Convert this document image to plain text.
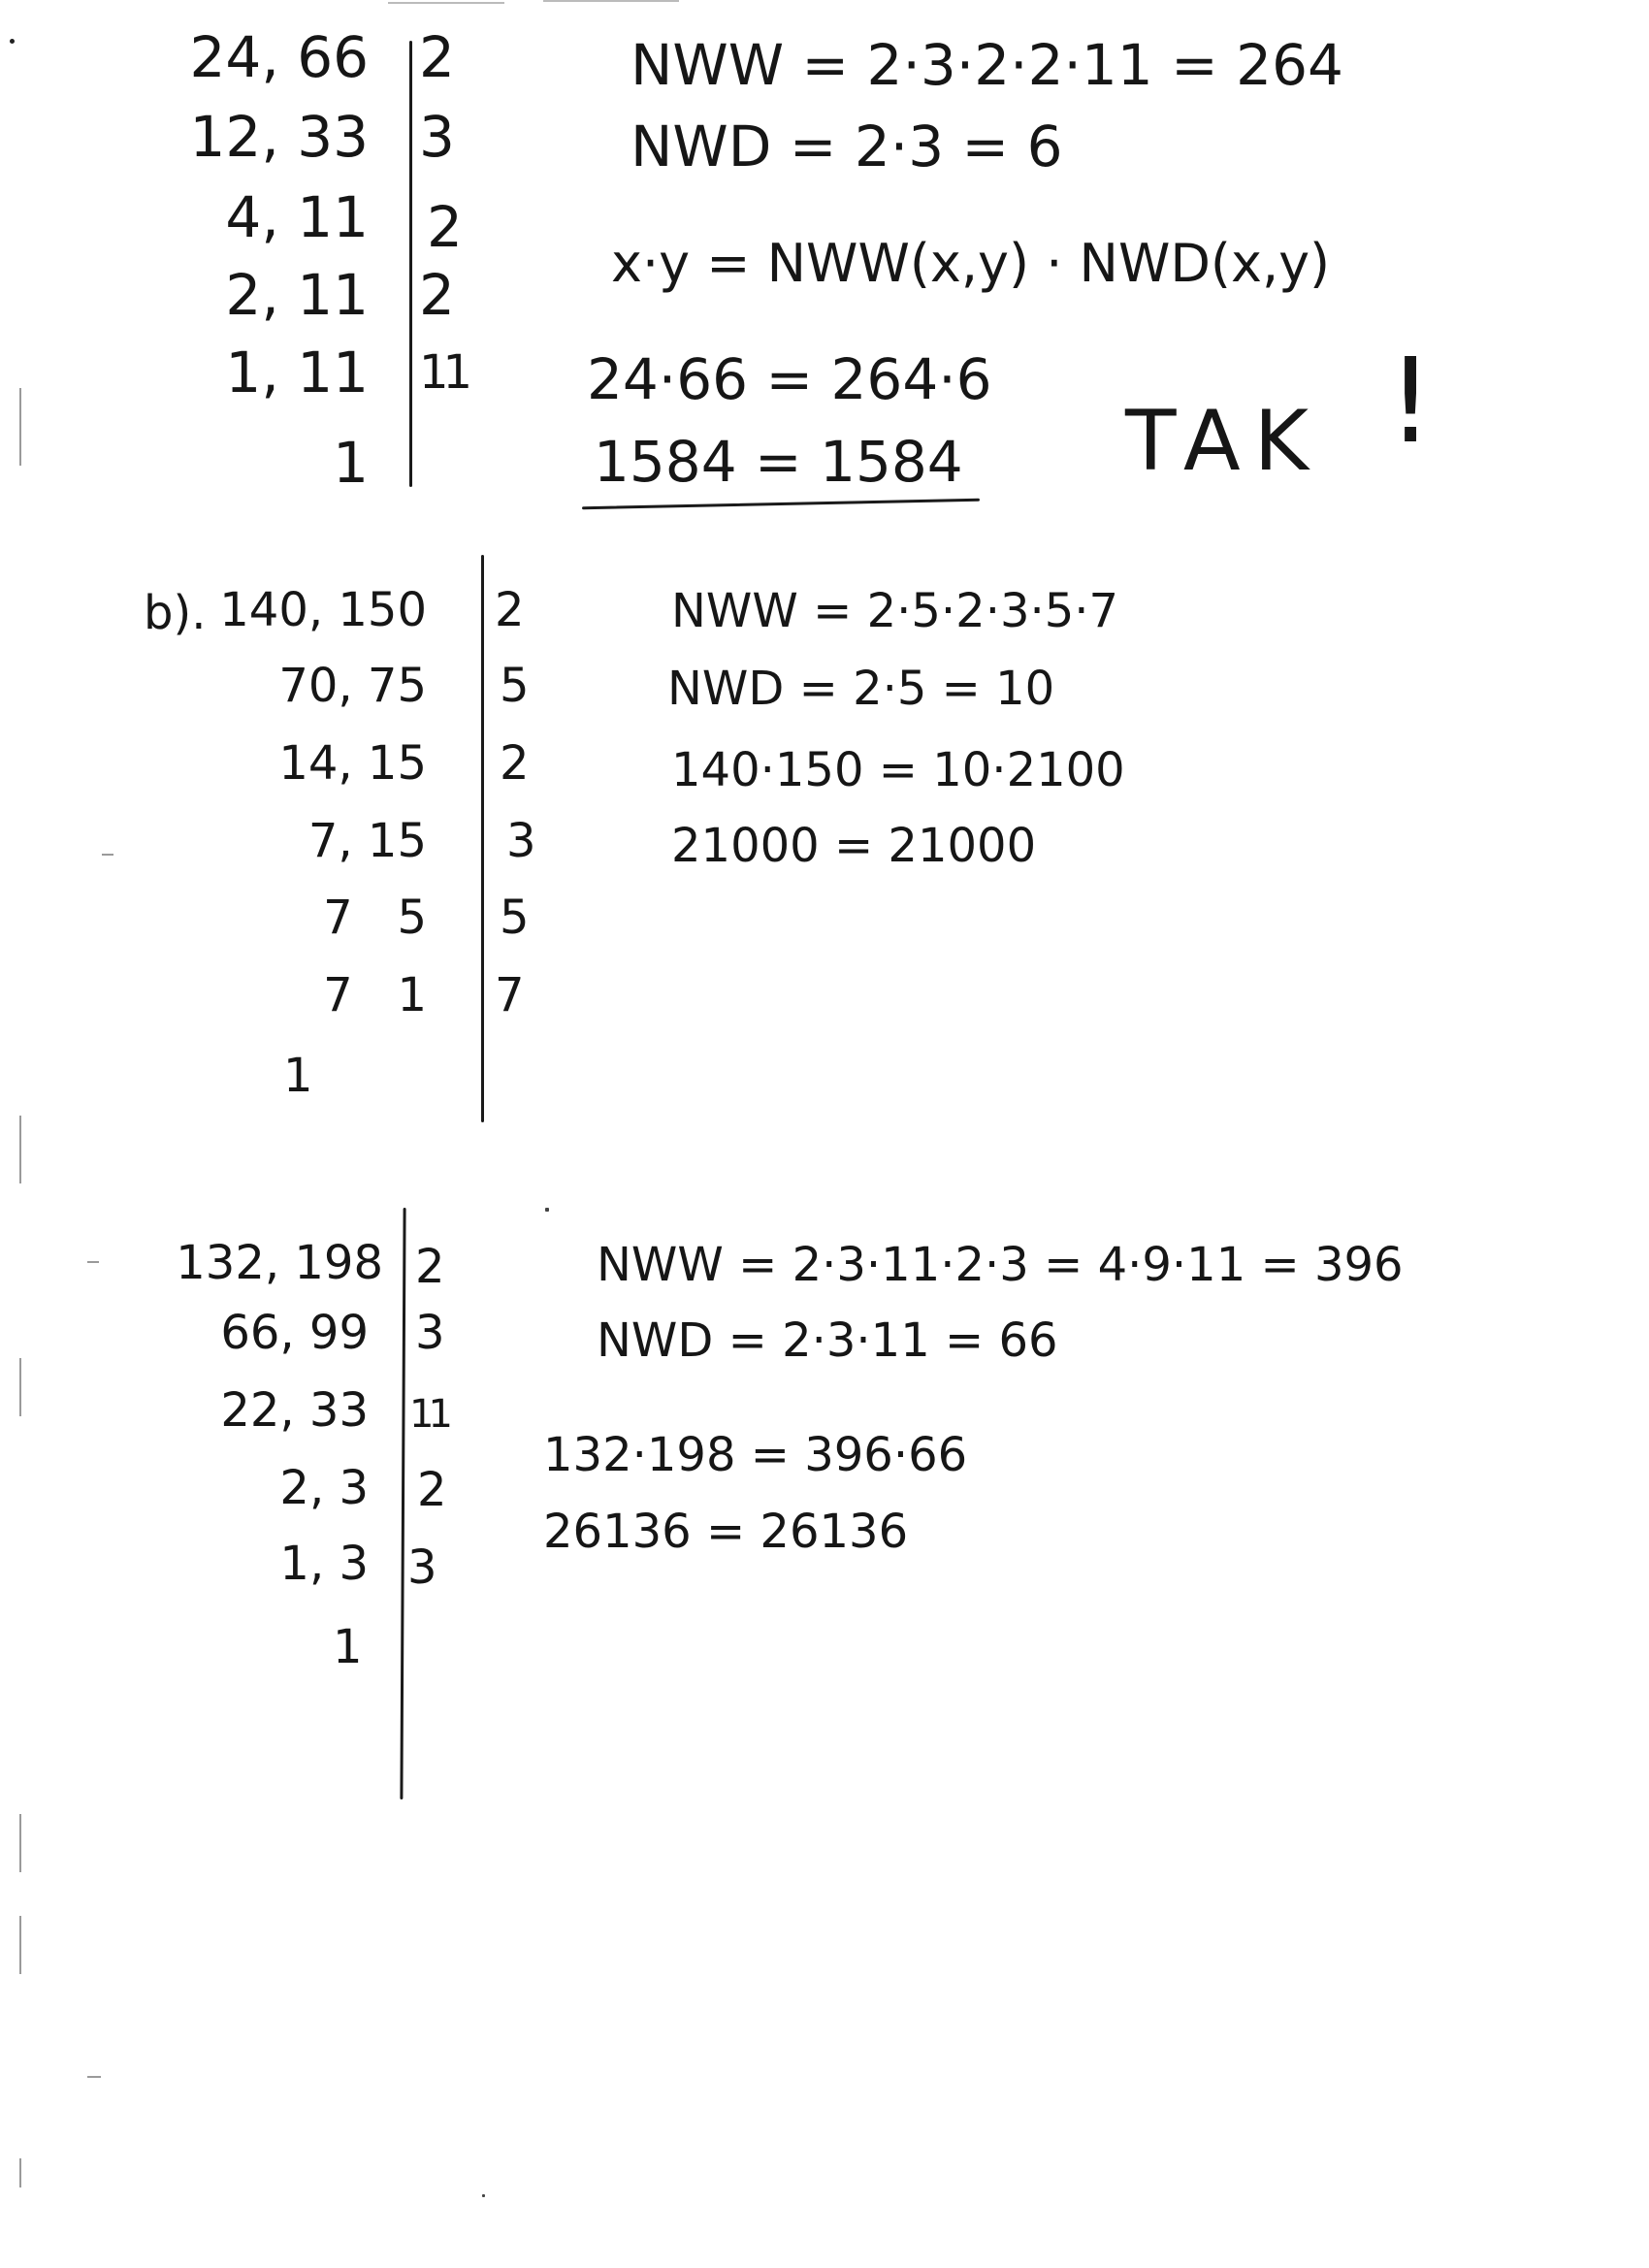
24, 66 2
12, 33 3
4, 11 2
2, 11 2
1, 11 11
1
NWW = 2·3·2·2·11 = 264
NWD = 2·3 = 6
x·y = NWW(x,y) · NWD(x,y)
24·66 = 264·6
1584 = 1584 TAK !
b). 140, 150 2
70, 75 5
14, 15 2
7, 15 3
7   5 5
7   1 7
1
NWW = 2·5·2·3·5·7
NWD = 2·5 = 10
140·150 = 10·2100
21000 = 21000
132, 198 2
66, 99 3
22, 33 11
2, 3 2
1, 3 3
1
NWW = 2·3·11·2·3 = 4·9·11 = 396
NWD = 2·3·11 = 66
132·198 = 396·66
26136 = 26136
